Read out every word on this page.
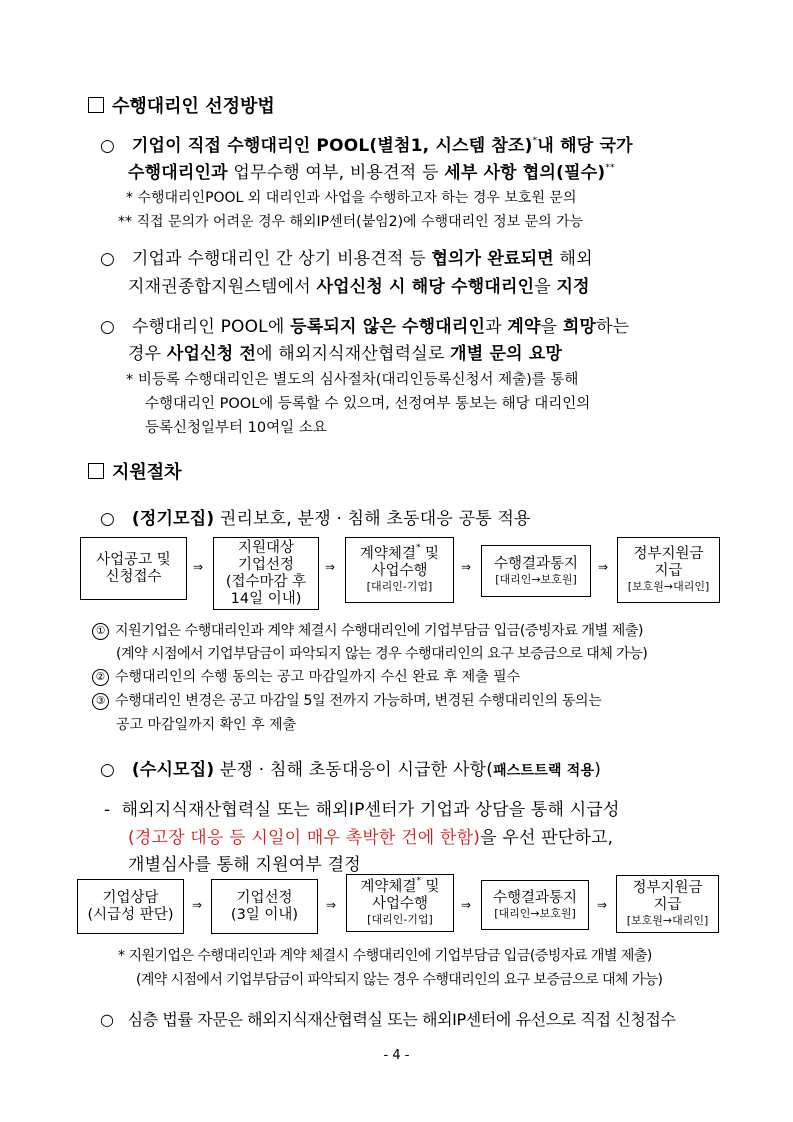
수행대리인 선정방법
○ 기업이 직접 수행대리인 POOL(별첨1, 시스템 참조)*내 해당 국가
수행대리인과 업무수행 여부, 비용견적 등 세부 사항 협의(필수)**
* 수행대리인POOL 외 대리인과 사업을 수행하고자 하는 경우 보호원 문의
** 직접 문의가 어려운 경우 해외IP센터(붙임2)에 수행대리인 정보 문의 가능
○ 기업과 수행대리인 간 상기 비용견적 등 협의가 완료되면 해외
지재권종합지원스템에서 사업신청 시 해당 수행대리인을 지정
○ 수행대리인 POOL에 등록되지 않은 수행대리인과 계약을 희망하는
경우 사업신청 전에 해외지식재산협력실로 개별 문의 요망
* 비등록 수행대리인은 별도의 심사절차(대리인등록신청서 제출)를 통해
수행대리인 POOL에 등록할 수 있으며, 선정여부 통보는 해당 대리인의
등록신청일부터 10여일 소요
지원절차
○ (정기모집) 권리보호, 분쟁 · 침해 초동대응 공통 적용
사업공고 및
신청접수
⇒
지원대상
기업선정
(접수마감 후
14일 이내)
⇒
계약체결* 및
사업수행
[대리인-기업]
⇒ 수행결과통지
[대리인→보호원]
⇒
정부지원금
지급
[보호원→대리인]
① 지원기업은 수행대리인과 계약 체결시 수행대리인에 기업부담금 입금(증빙자료 개별 제출)
(계약 시점에서 기업부담금이 파악되지 않는 경우 수행대리인의 요구 보증금으로 대체 가능)
② 수행대리인의 수행 동의는 공고 마감일까지 수신 완료 후 제출 필수
③ 수행대리인 변경은 공고 마감일 5일 전까지 가능하며, 변경된 수행대리인의 동의는
공고 마감일까지 확인 후 제출
○ (수시모집) 분쟁 · 침해 초동대응이 시급한 사항(패스트트랙 적용)
- 해외지식재산협력실 또는 해외IP센터가 기업과 상담을 통해 시급성
(경고장 대응 등 시일이 매우 촉박한 건에 한함)을 우선 판단하고,
개별심사를 통해 지원여부 결정
기업상담
(시급성 판단)
⇒ 기업선정
(3일 이내)
⇒
계약체결* 및
사업수행
[대리인-기업]
⇒ 수행결과통지
[대리인→보호원]
⇒
정부지원금
지급
[보호원→대리인]
* 지원기업은 수행대리인과 계약 체결시 수행대리인에 기업부담금 입금(증빙자료 개별 제출)
(계약 시점에서 기업부담금이 파악되지 않는 경우 수행대리인의 요구 보증금으로 대체 가능)
○ 심층 법률 자문은 해외지식재산협력실 또는 해외IP센터에 유선으로 직접 신청접수
- 4 -
